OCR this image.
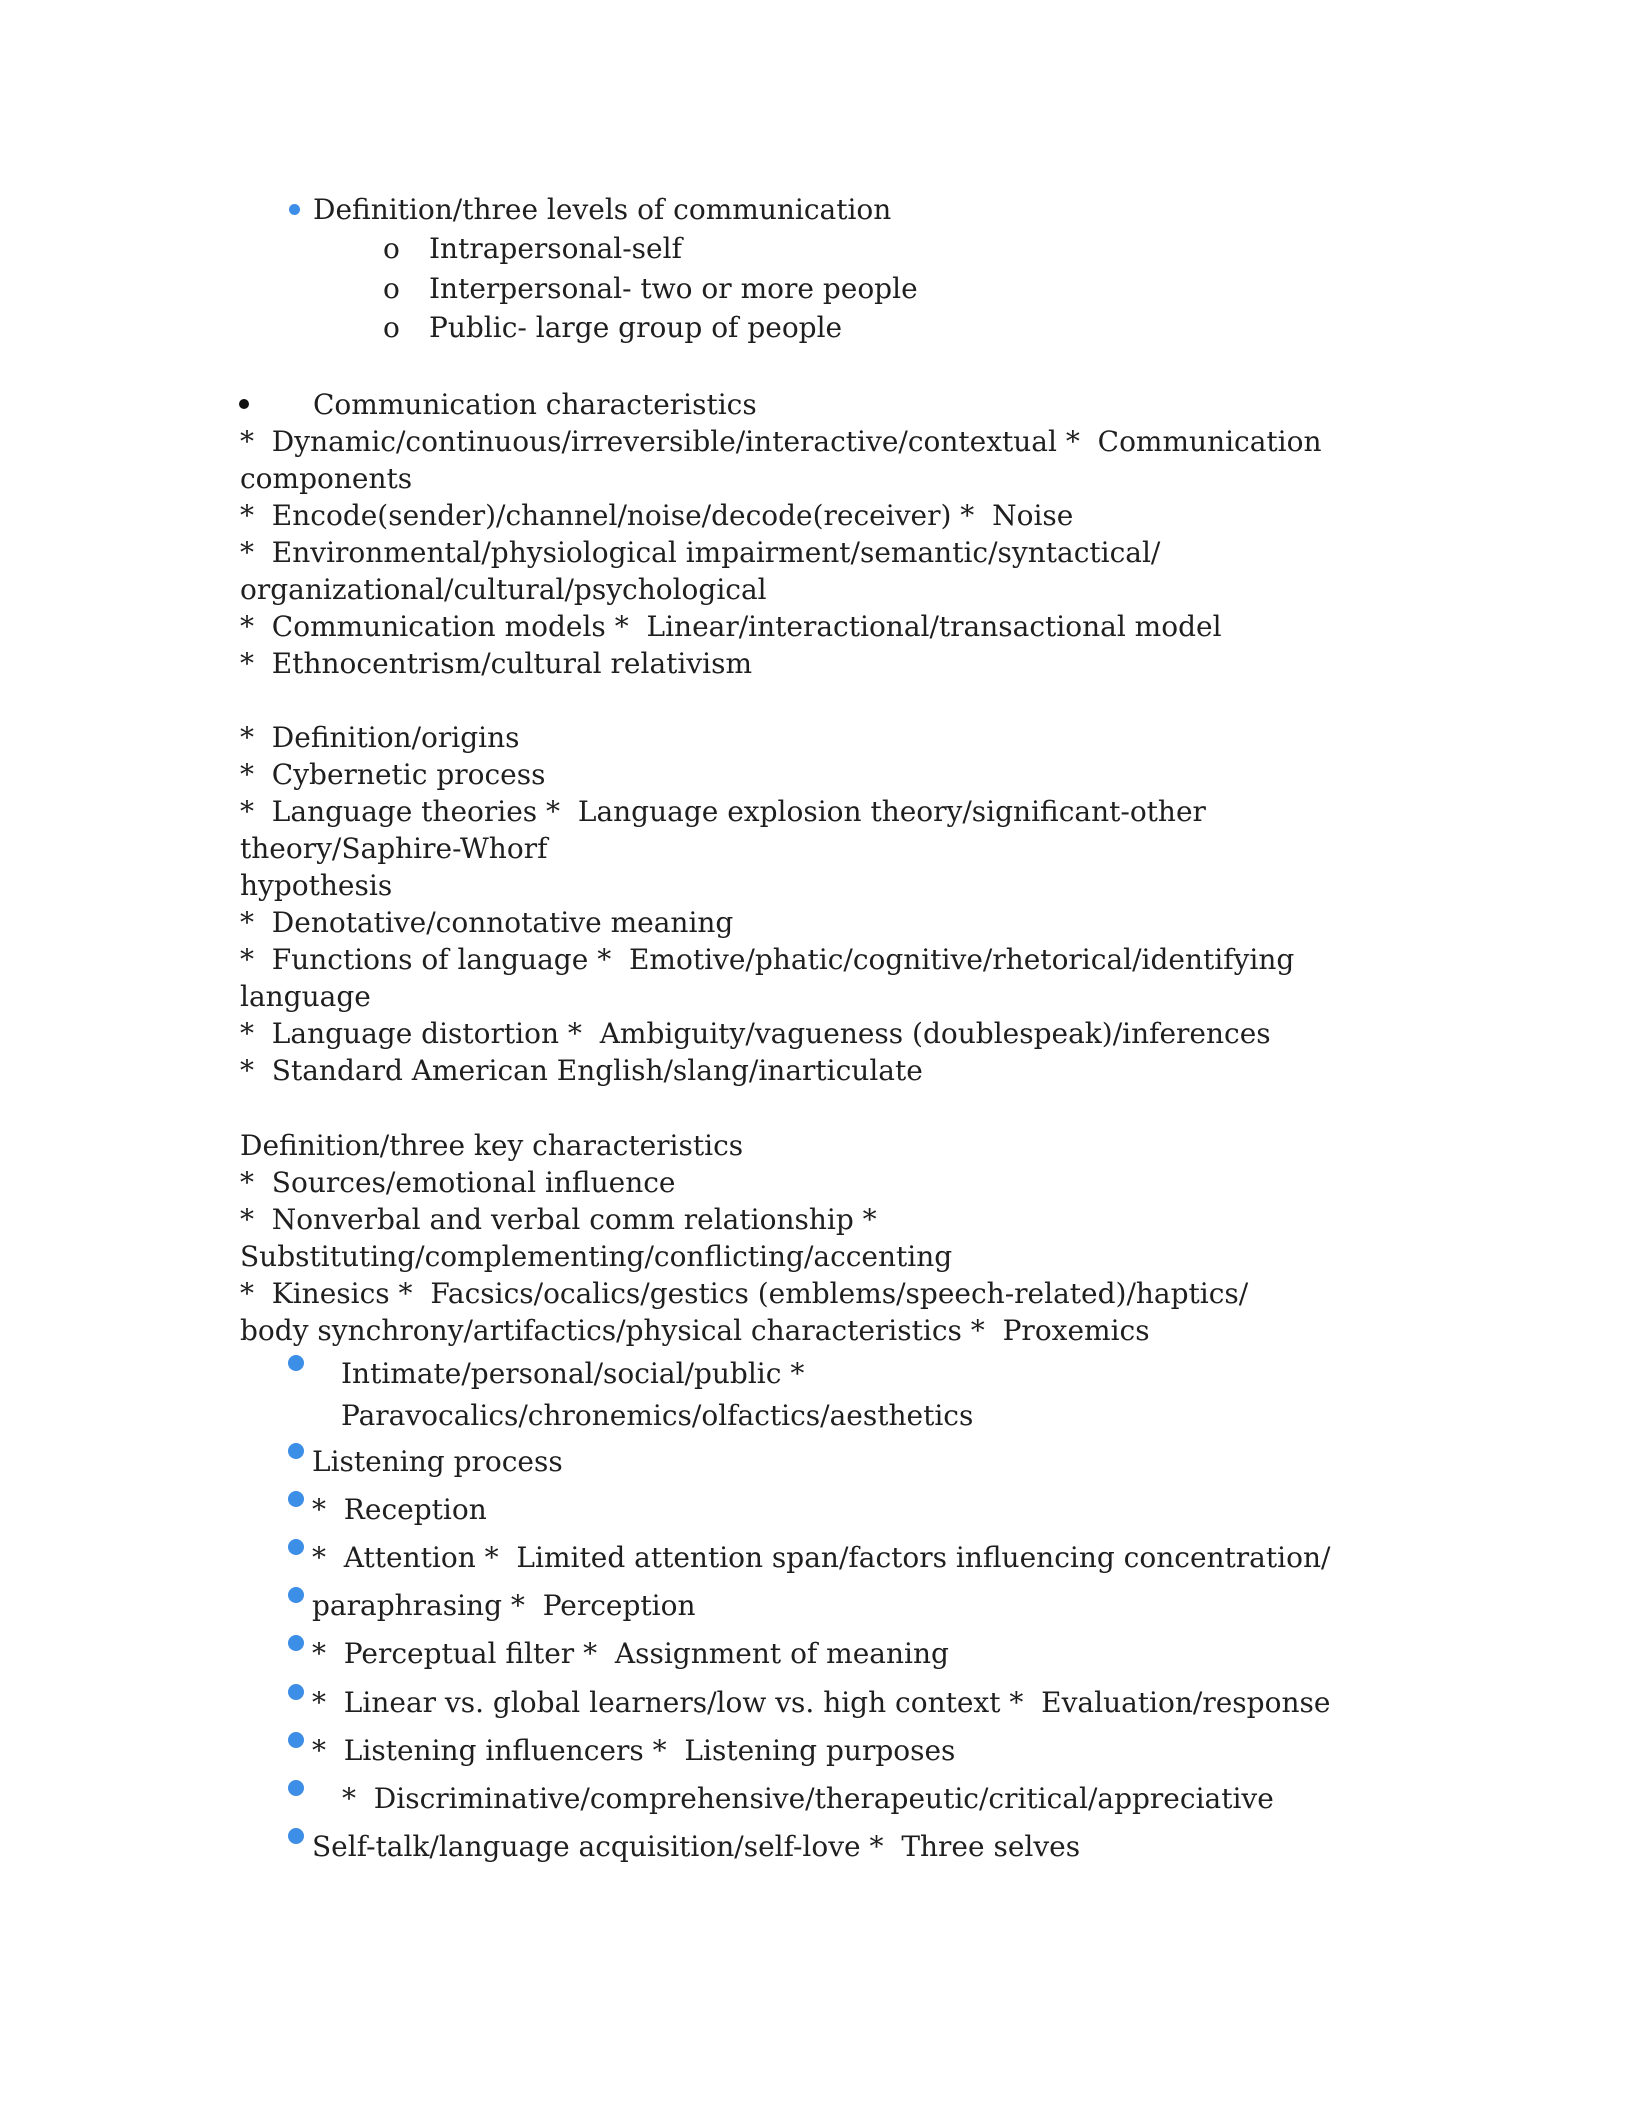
Definition/three levels of communication
o Intrapersonal-self
o Interpersonal- two or more people
o Public- large group of people
Communication characteristics
*  Dynamic/continuous/irreversible/interactive/contextual *  Communication
components
*  Encode(sender)/channel/noise/decode(receiver) *  Noise
*  Environmental/physiological impairment/semantic/syntactical/
organizational/cultural/psychological
*  Communication models *  Linear/interactional/transactional model
*  Ethnocentrism/cultural relativism
*  Definition/origins
*  Cybernetic process
*  Language theories *  Language explosion theory/significant-other
theory/Saphire-Whorf
hypothesis
*  Denotative/connotative meaning
*  Functions of language *  Emotive/phatic/cognitive/rhetorical/identifying
language
*  Language distortion *  Ambiguity/vagueness (doublespeak)/inferences
*  Standard American English/slang/inarticulate
Definition/three key characteristics
*  Sources/emotional influence
*  Nonverbal and verbal comm relationship *
Substituting/complementing/conflicting/accenting
*  Kinesics *  Facsics/ocalics/gestics (emblems/speech-related)/haptics/
body synchrony/artifactics/physical characteristics *  Proxemics
Intimate/personal/social/public *
Paravocalics/chronemics/olfactics/aesthetics
Listening process
*  Reception
*  Attention *  Limited attention span/factors influencing concentration/
paraphrasing *  Perception
*  Perceptual filter *  Assignment of meaning
*  Linear vs. global learners/low vs. high context *  Evaluation/response
*  Listening influencers *  Listening purposes
*  Discriminative/comprehensive/therapeutic/critical/appreciative
Self-talk/language acquisition/self-love *  Three selves
